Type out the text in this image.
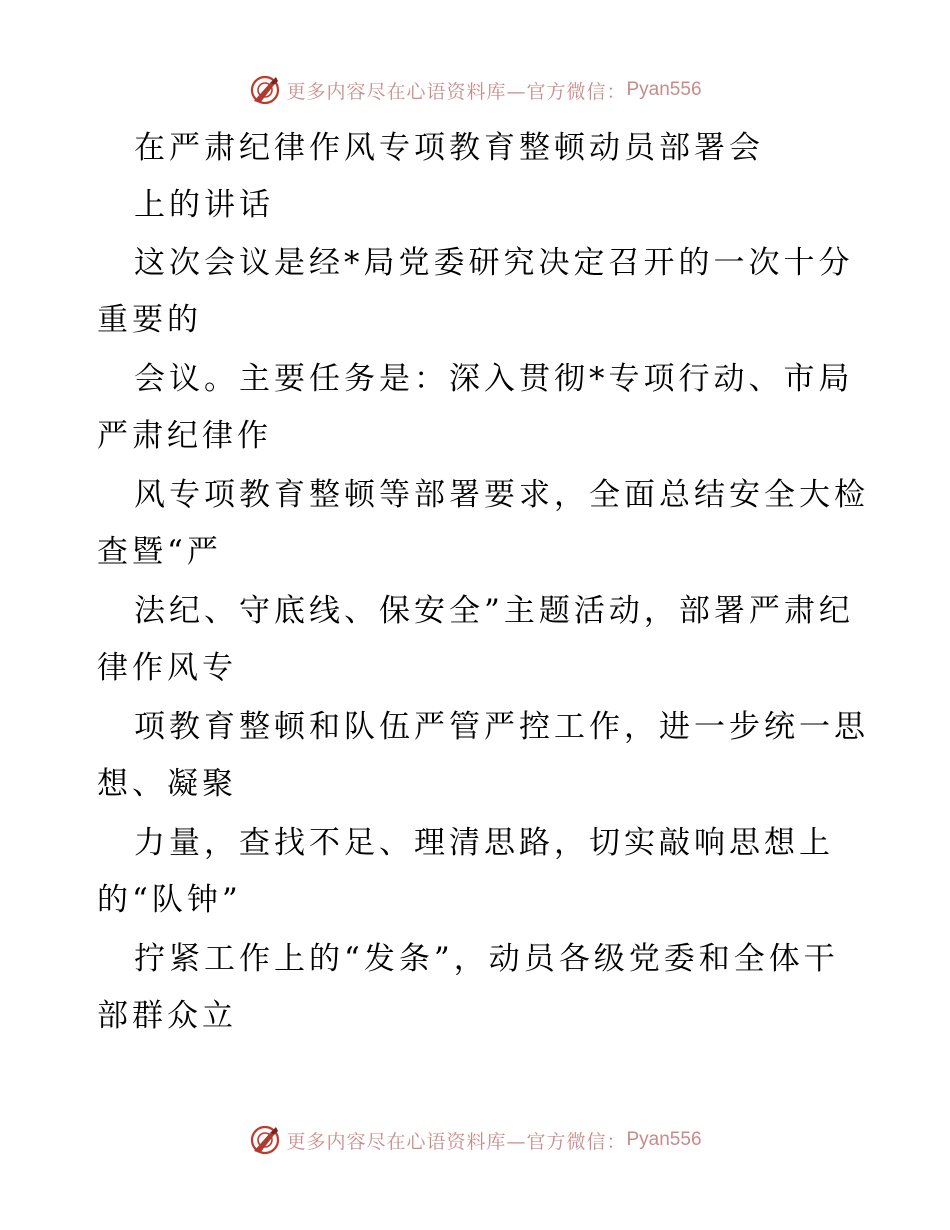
更多内容尽在心语资料库—官方微信： Pyan556
在严肃纪律作风专项教育整顿动员部署会
上的讲话
这次会议是经*局党委研究决定召开的一次十分
重要的
会议。主要任务是：深入贯彻*专项行动、市局
严肃纪律作
风专项教育整顿等部署要求，全面总结安全大检
查暨“严
法纪、守底线、保安全”主题活动，部署严肃纪
律作风专
项教育整顿和队伍严管严控工作，进一步统一思
想、凝聚
力量，查找不足、理清思路，切实敲响思想上
的“队钟”
拧紧工作上的“发条”，动员各级党委和全体干
部群众立
更多内容尽在心语资料库—官方微信： Pyan556
